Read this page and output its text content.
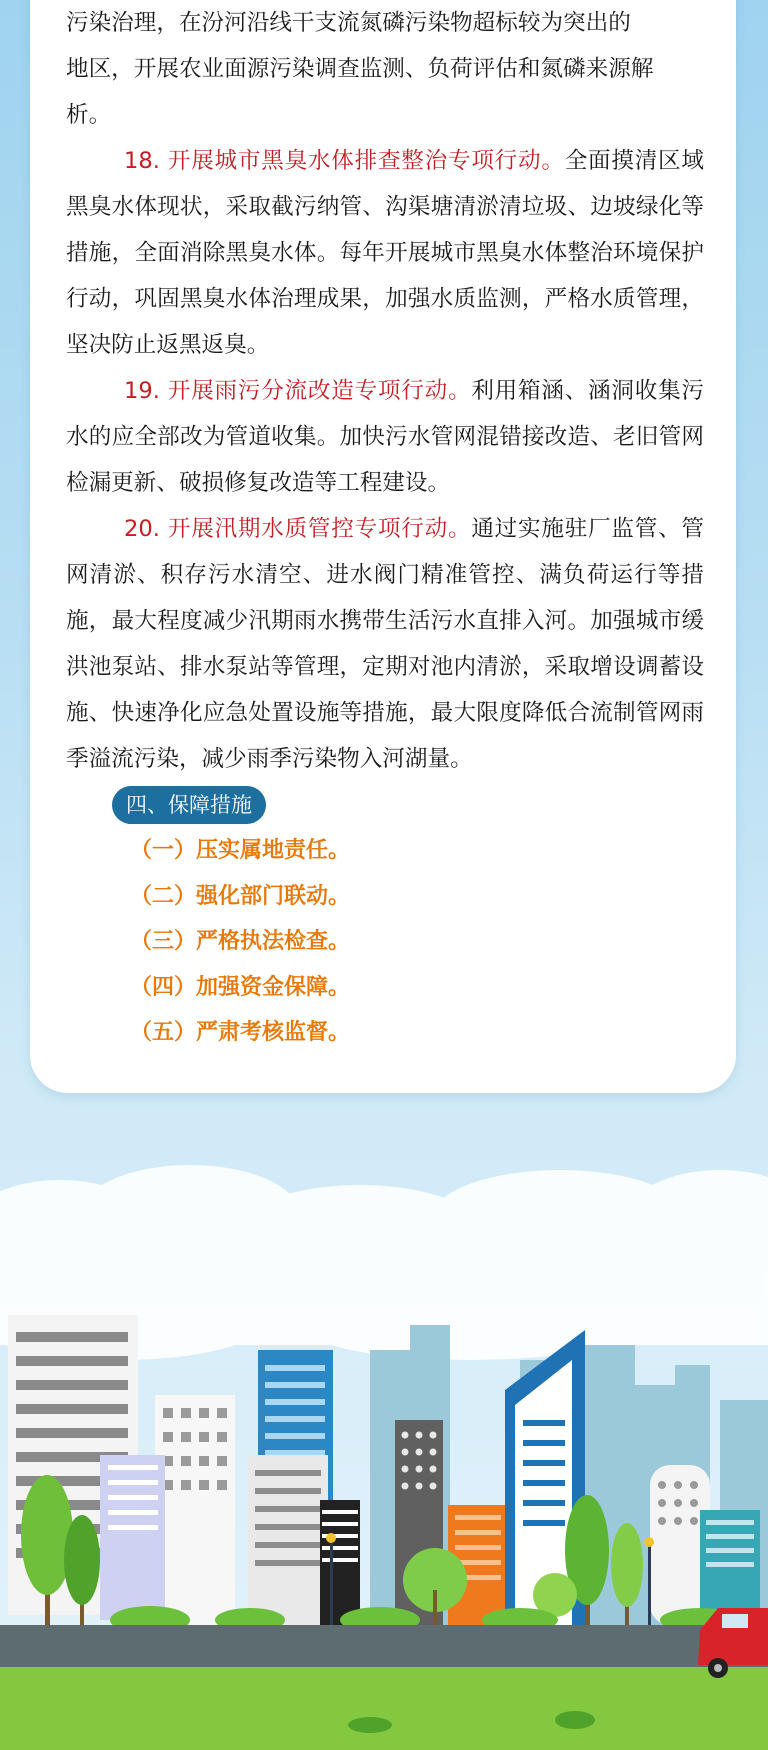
污染治理，在汾河沿线干支流氮磷污染物超标较为突出的
地区，开展农业面源污染调查监测、负荷评估和氮磷来源解
析。

18. 开展城市黑臭水体排查整治专项行动。全面摸清区域黑臭水体现状，采取截污纳管、沟渠塘清淤清垃圾、边坡绿化等措施，全面消除黑臭水体。每年开展城市黑臭水体整治环境保护行动，巩固黑臭水体治理成果，加强水质监测，严格水质管理，坚决防止返黑返臭。

19. 开展雨污分流改造专项行动。利用箱涵、涵洞收集污水的应全部改为管道收集。加快污水管网混错接改造、老旧管网检漏更新、破损修复改造等工程建设。

20. 开展汛期水质管控专项行动。通过实施驻厂监管、管网清淤、积存污水清空、进水阀门精准管控、满负荷运行等措施，最大程度减少汛期雨水携带生活污水直排入河。加强城市缓洪池泵站、排水泵站等管理，定期对池内清淤，采取增设调蓄设施、快速净化应急处置设施等措施，最大限度降低合流制管网雨季溢流污染，减少雨季污染物入河湖量。

四、保障措施
（一）压实属地责任。
（二）强化部门联动。
（三）严格执法检查。
（四）加强资金保障。
（五）严肃考核监督。
